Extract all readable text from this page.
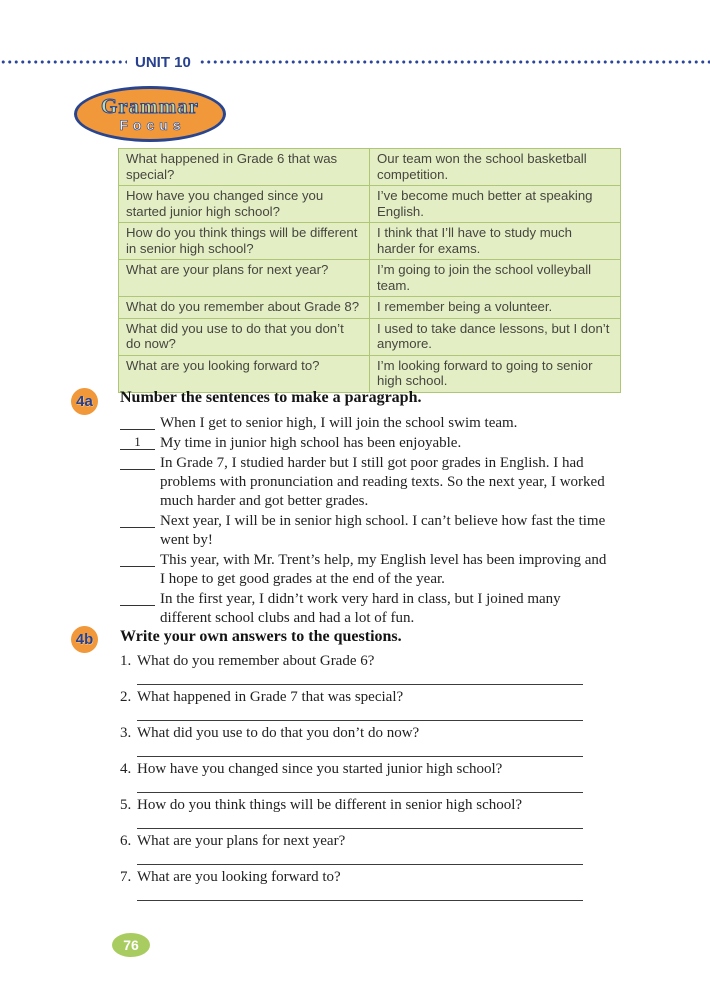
UNIT 10
Grammar
Focus
What happened in Grade 6 that was special?	Our team won the school basketball competition.
How have you changed since you started junior high school?	I’ve become much better at speaking English.
How do you think things will be different in senior high school?	I think that I’ll have to study much harder for exams.
What are your plans for next year?	I’m going to join the school volleyball team.
What do you remember about Grade 8?	I remember being a volunteer.
What did you use to do that you don’t do now?	I used to take dance lessons, but I don’t anymore.
What are you looking forward to?	I’m looking forward to going to senior high school.
4a	Number the sentences to make a paragraph.
When I get to senior high, I will join the school swim team.
1	My time in junior high school has been enjoyable.
In Grade 7, I studied harder but I still got poor grades in English. I had problems with pronunciation and reading texts. So the next year, I worked much harder and got better grades.
Next year, I will be in senior high school. I can’t believe how fast the time went by!
This year, with Mr. Trent’s help, my English level has been improving and I hope to get good grades at the end of the year.
In the first year, I didn’t work very hard in class, but I joined many different school clubs and had a lot of fun.
4b Write your own answers to the questions.
1. What do you remember about Grade 6?
2. What happened in Grade 7 that was special?
3. What did you use to do that you don’t do now?
4. How have you changed since you started junior high school?
5. How do you think things will be different in senior high school?
6. What are your plans for next year?
7. What are you looking forward to?
76
